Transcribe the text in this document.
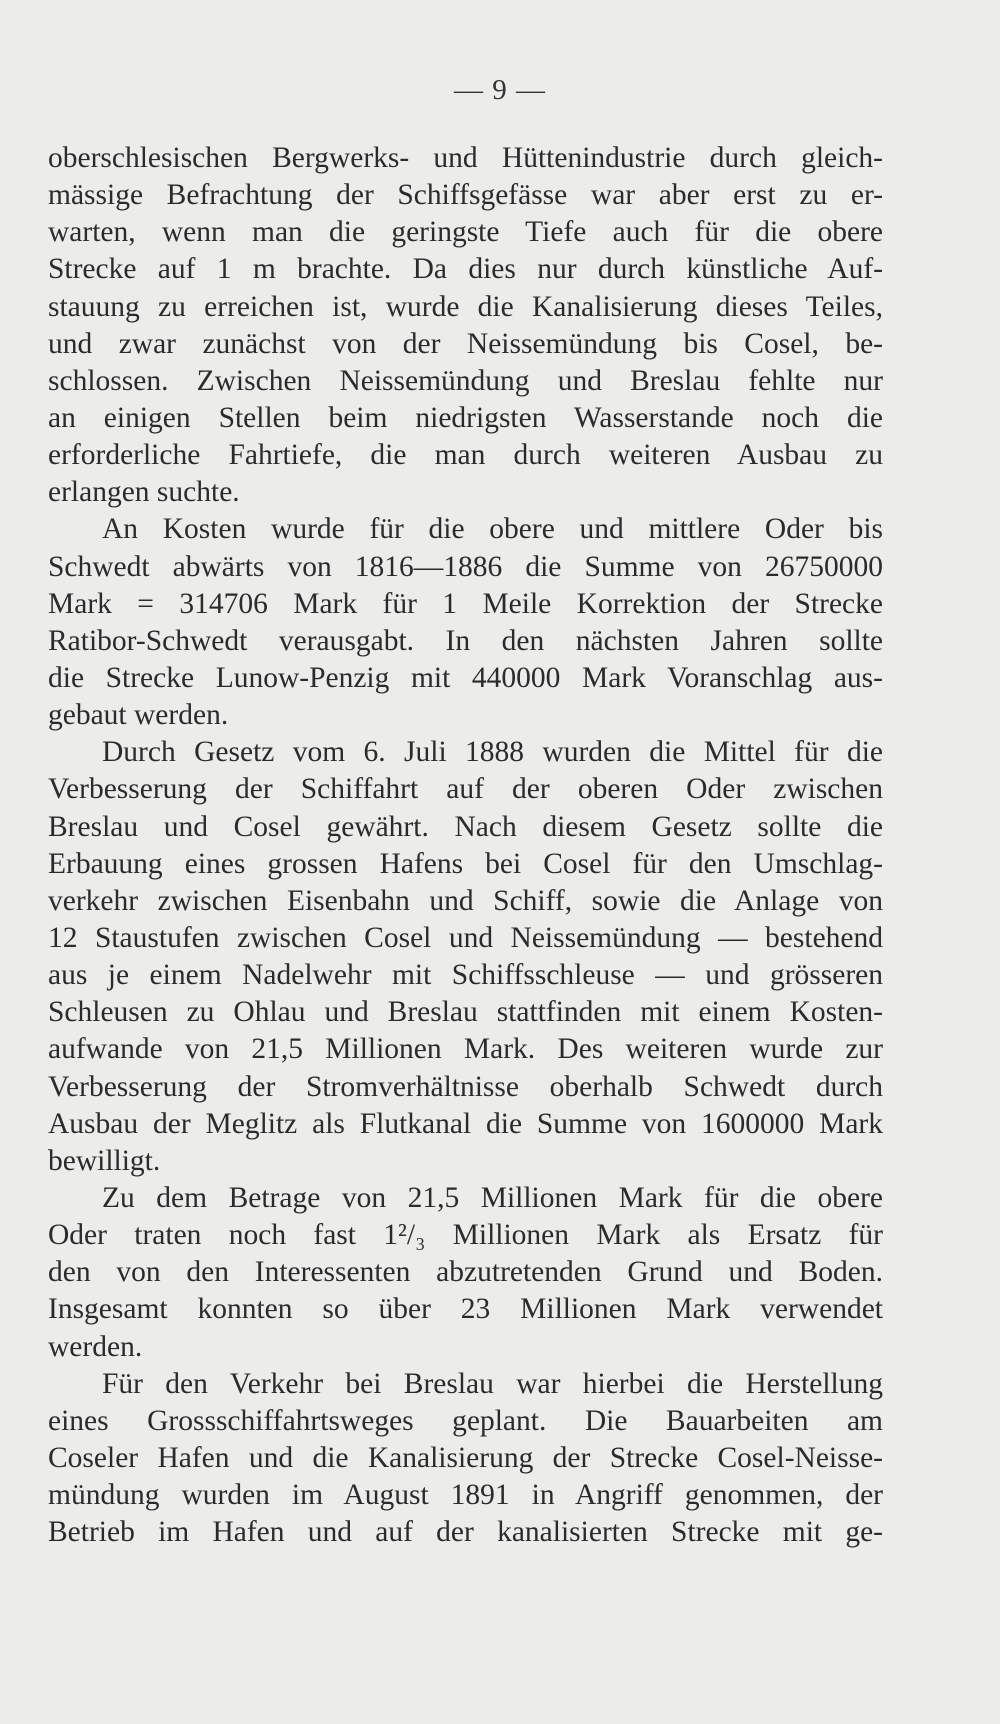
— 9 —
oberschlesischen Bergwerks- und Hüttenindustrie durch gleich-
mässige Befrachtung der Schiffsgefässe war aber erst zu er-
warten, wenn man die geringste Tiefe auch für die obere
Strecke auf 1 m brachte. Da dies nur durch künstliche Auf-
stauung zu erreichen ist, wurde die Kanalisierung dieses Teiles,
und zwar zunächst von der Neissemündung bis Cosel, be-
schlossen. Zwischen Neissemündung und Breslau fehlte nur
an einigen Stellen beim niedrigsten Wasserstande noch die
erforderliche Fahrtiefe, die man durch weiteren Ausbau zu
erlangen suchte.
An Kosten wurde für die obere und mittlere Oder bis
Schwedt abwärts von 1816—1886 die Summe von 26750000
Mark = 314706 Mark für 1 Meile Korrektion der Strecke
Ratibor-Schwedt verausgabt. In den nächsten Jahren sollte
die Strecke Lunow-Penzig mit 440000 Mark Voranschlag aus-
gebaut werden.
Durch Gesetz vom 6. Juli 1888 wurden die Mittel für die
Verbesserung der Schiffahrt auf der oberen Oder zwischen
Breslau und Cosel gewährt. Nach diesem Gesetz sollte die
Erbauung eines grossen Hafens bei Cosel für den Umschlag-
verkehr zwischen Eisenbahn und Schiff, sowie die Anlage von
12 Staustufen zwischen Cosel und Neissemündung — bestehend
aus je einem Nadelwehr mit Schiffsschleuse — und grösseren
Schleusen zu Ohlau und Breslau stattfinden mit einem Kosten-
aufwande von 21,5 Millionen Mark. Des weiteren wurde zur
Verbesserung der Stromverhältnisse oberhalb Schwedt durch
Ausbau der Meglitz als Flutkanal die Summe von 1600000 Mark
bewilligt.
Zu dem Betrage von 21,5 Millionen Mark für die obere
Oder traten noch fast 1²/₃ Millionen Mark als Ersatz für
den von den Interessenten abzutretenden Grund und Boden.
Insgesamt konnten so über 23 Millionen Mark verwendet
werden.
Für den Verkehr bei Breslau war hierbei die Herstellung
eines Grossschiffahrtsweges geplant. Die Bauarbeiten am
Coseler Hafen und die Kanalisierung der Strecke Cosel-Neisse-
mündung wurden im August 1891 in Angriff genommen, der
Betrieb im Hafen und auf der kanalisierten Strecke mit ge-
